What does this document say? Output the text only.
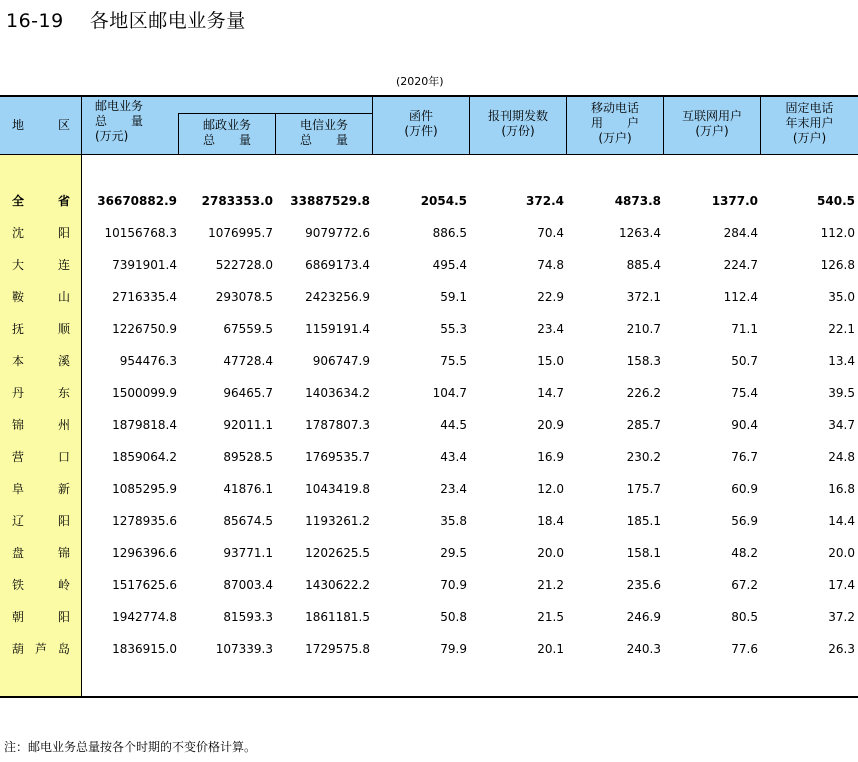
16-19 各地区邮电业务量
(2020年)
地	区
邮电业务
总　　量
(万元)
邮政业务
总　　量
电信业务
总　　量
函件
(万件)
报刊期发数
(万份)
移动电话
用　　户
(万户)
互联网用户
(万户)
固定电话
年末用户
(万户)
全	省 36670882.9 2783353.0 33887529.8	2054.5	372.4	4873.8	1377.0	540.5
沈	阳	10156768.3	1076995.7	9079772.6	886.5	70.4	1263.4	284.4	112.0
大	连	7391901.4	522728.0	6869173.4	495.4	74.8	885.4	224.7	126.8
鞍	山	2716335.4	293078.5	2423256.9	59.1	22.9	372.1	112.4	35.0
抚	顺	1226750.9	67559.5	1159191.4	55.3	23.4	210.7	71.1	22.1
本	溪	954476.3	47728.4	906747.9	75.5	15.0	158.3	50.7	13.4
丹	东	1500099.9	96465.7	1403634.2	104.7	14.7	226.2	75.4	39.5
锦	州	1879818.4	92011.1	1787807.3	44.5	20.9	285.7	90.4	34.7
营	口	1859064.2	89528.5	1769535.7	43.4	16.9	230.2	76.7	24.8
阜	新	1085295.9	41876.1	1043419.8	23.4	12.0	175.7	60.9	16.8
辽	阳	1278935.6	85674.5	1193261.2	35.8	18.4	185.1	56.9	14.4
盘	锦	1296396.6	93771.1	1202625.5	29.5	20.0	158.1	48.2	20.0
铁	岭	1517625.6	87003.4	1430622.2	70.9	21.2	235.6	67.2	17.4
朝	阳	1942774.8	81593.3	1861181.5	50.8	21.5	246.9	80.5	37.2
葫 芦 岛	1836915.0	107339.3	1729575.8	79.9	20.1	240.3	77.6	26.3
注：邮电业务总量按各个时期的不变价格计算。
